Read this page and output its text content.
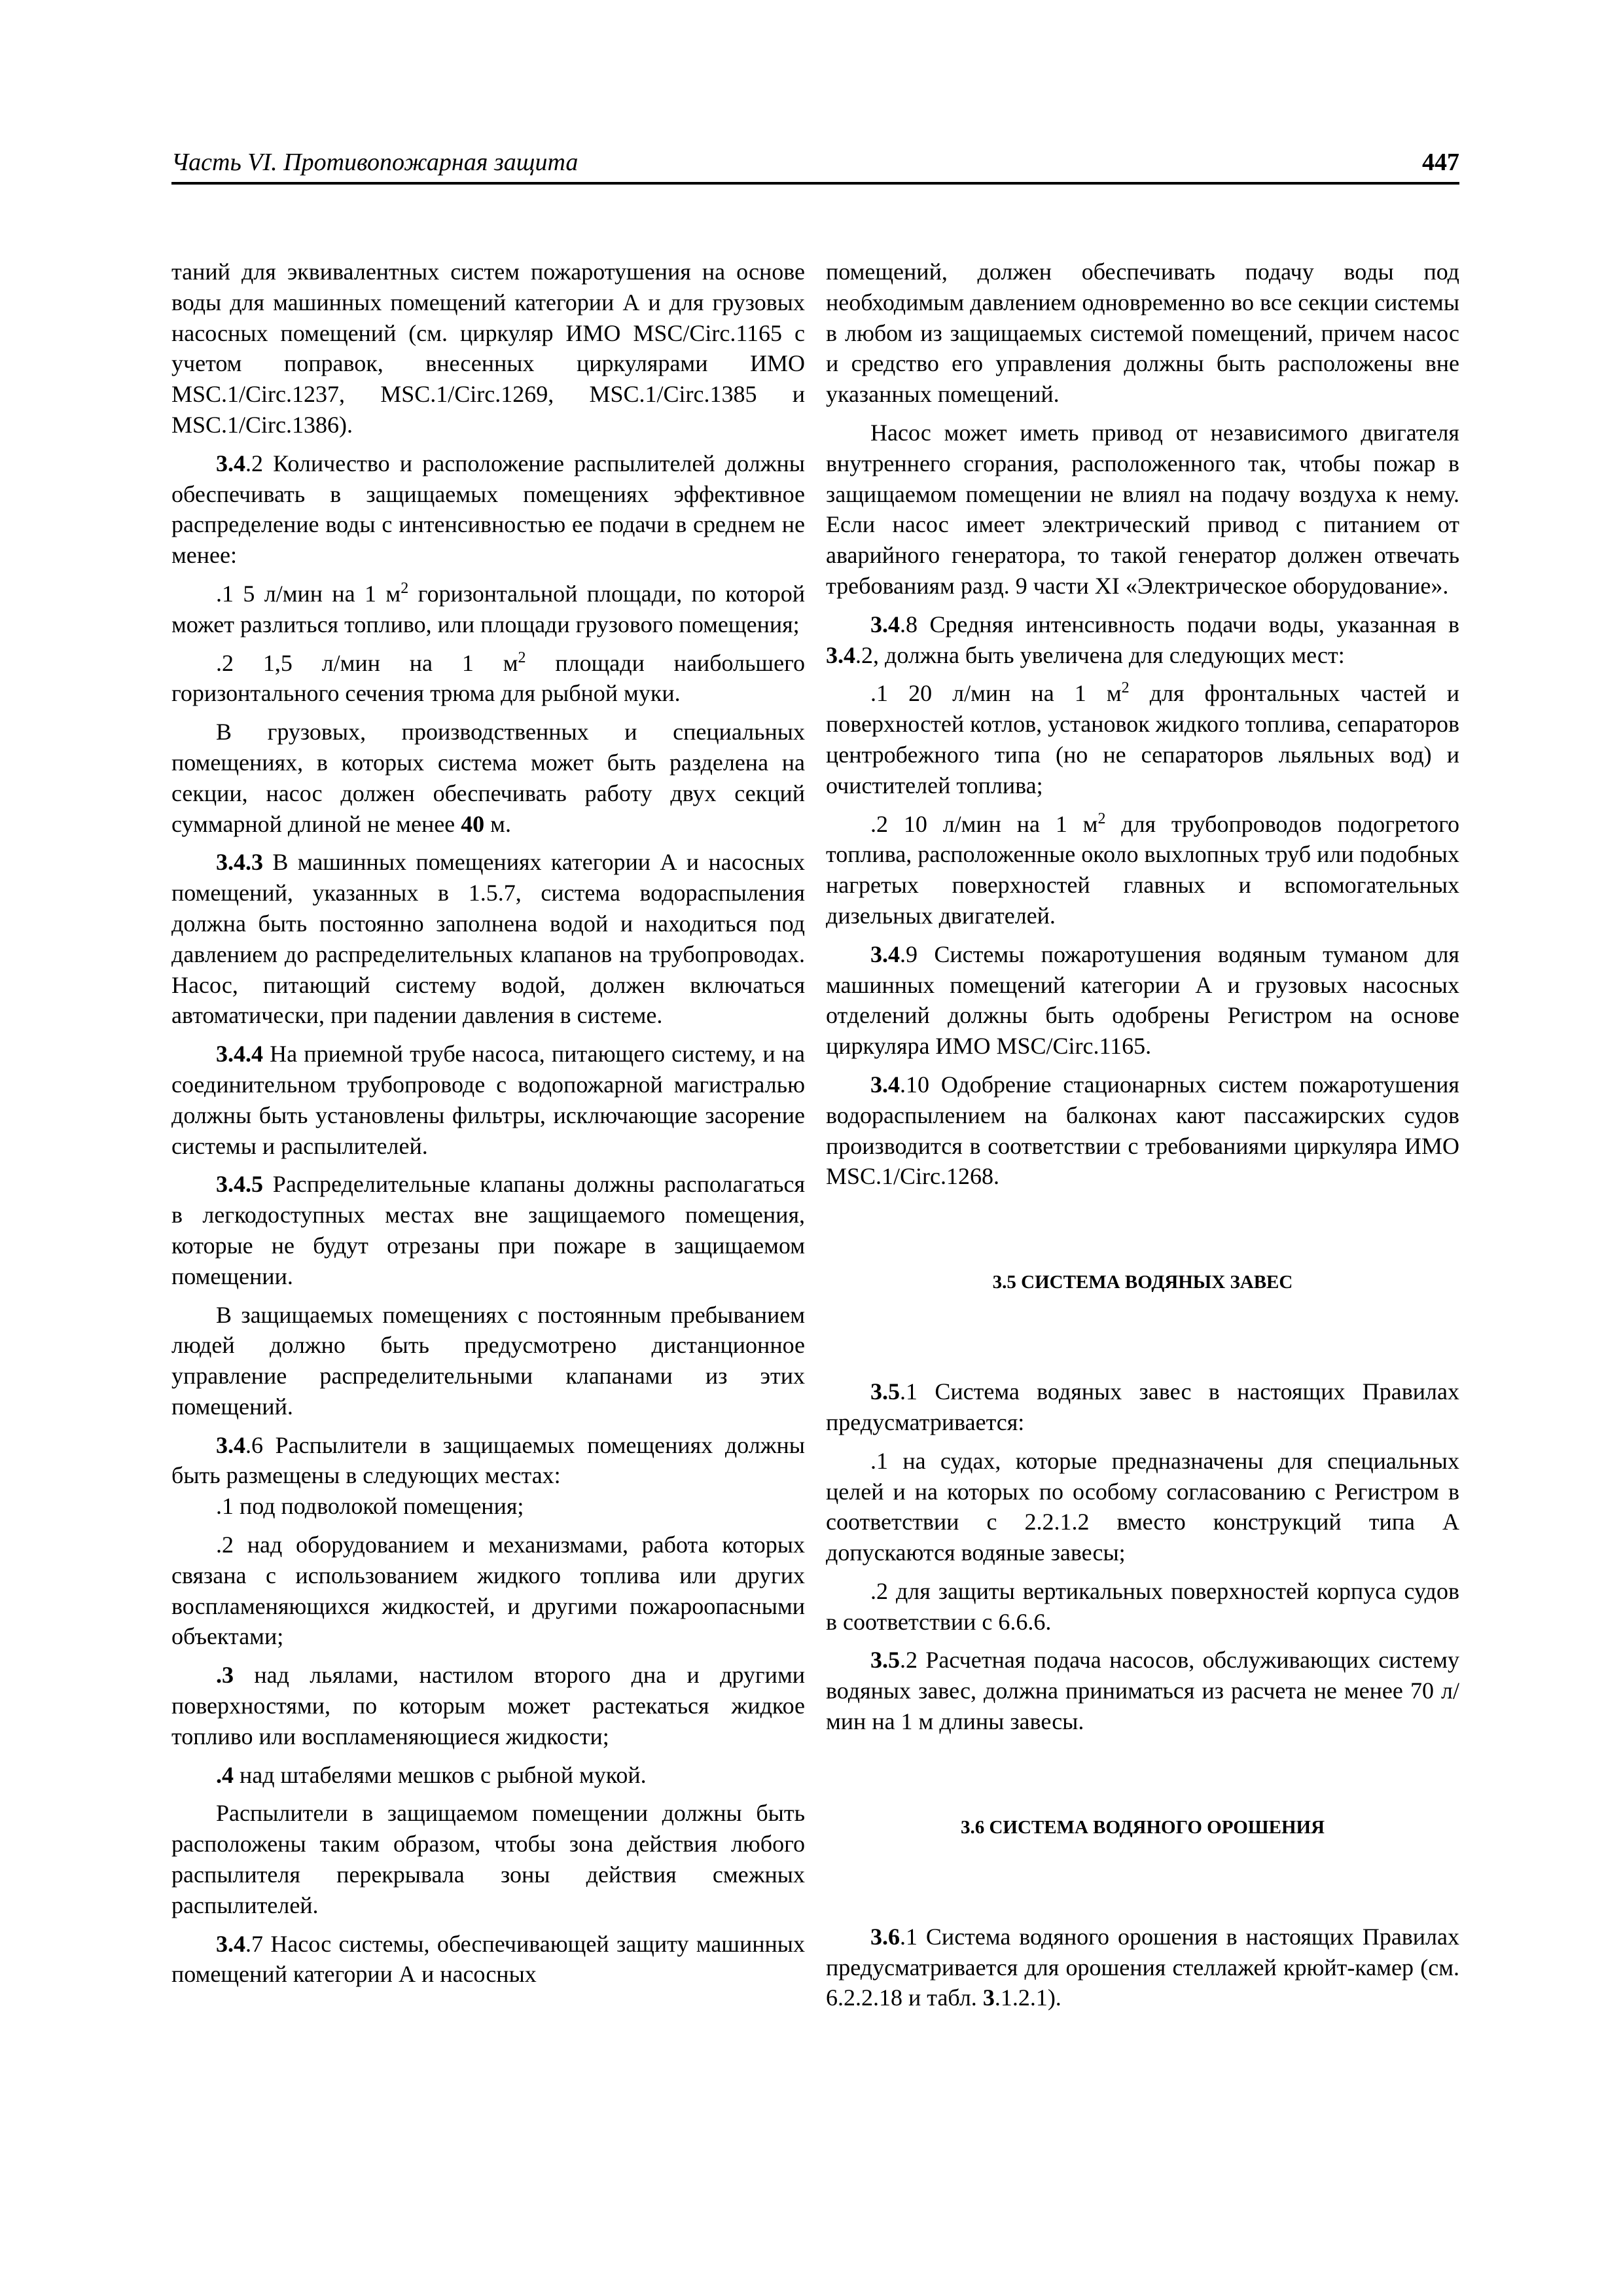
Часть VI. Противопожарная защита	447

таний для эквивалентных систем пожаротушения на основе воды для машинных помещений категории А и для грузовых насосных помещений (см. циркуляр ИМО MSC/Circ.1165 с учетом поправок, внесенных циркулярами ИМО MSC.1/Circ.1237, MSC.1/Circ.1269, MSC.1/Circ.1385 и MSC.1/Circ.1386).

3.4.2 Количество и расположение распылителей должны обеспечивать в защищаемых помещениях эффективное распределение воды с интенсивностью ее подачи в среднем не менее:

.1 5 л/мин на 1 $м^2$ горизонтальной площади, по которой может разлиться топливо, или площади грузового помещения;

.2 1,5 л/мин на 1 $м^2$ площади наибольшего горизонтального сечения трюма для рыбной муки.

В грузовых, производственных и специальных помещениях, в которых система может быть разделена на секции, насос должен обеспечивать работу двух секций суммарной длиной не менее 40 м.

3.4.3 В машинных помещениях категории А и насосных помещений, указанных в 1.5.7, система водораспыления должна быть постоянно заполнена водой и находиться под давлением до распределительных клапанов на трубопроводах. Насос, питающий систему водой, должен включаться автоматически, при падении давления в системе.

3.4.4 На приемной трубе насоса, питающего систему, и на соединительном трубопроводе с водопожарной магистралью должны быть установлены фильтры, исключающие засорение системы и распылителей.

3.4.5 Распределительные клапаны должны располагаться в легкодоступных местах вне защищаемого помещения, которые не будут отрезаны при пожаре в защищаемом помещении.

В защищаемых помещениях с постоянным пребыванием людей должно быть предусмотрено дистанционное управление распределительными клапанами из этих помещений.

3.4.6 Распылители в защищаемых помещениях должны быть размещены в следующих местах:

.1 под подволокой помещения;

.2 над оборудованием и механизмами, работа которых связана с использованием жидкого топлива или других воспламеняющихся жидкостей, и другими пожароопасными объектами;

.3 над льялами, настилом второго дна и другими поверхностями, по которым может растекаться жидкое топливо или воспламеняющиеся жидкости;

.4 над штабелями мешков с рыбной мукой.

Распылители в защищаемом помещении должны быть расположены таким образом, чтобы зона действия любого распылителя перекрывала зоны действия смежных распылителей.

3.4.7 Насос системы, обеспечивающей защиту машинных помещений категории А и насосных

помещений, должен обеспечивать подачу воды под необходимым давлением одновременно во все секции системы в любом из защищаемых системой помещений, причем насос и средство его управления должны быть расположены вне указанных помещений.

Насос может иметь привод от независимого двигателя внутреннего сгорания, расположенного так, чтобы пожар в защищаемом помещении не влиял на подачу воздуха к нему. Если насос имеет электрический привод с питанием от аварийного генератора, то такой генератор должен отвечать требованиям разд. 9 части XI «Электрическое оборудование».

3.4.8 Средняя интенсивность подачи воды, указанная в 3.4.2, должна быть увеличена для следующих мест:

.1 20 л/мин на 1 $м^2$ для фронтальных частей и поверхностей котлов, установок жидкого топлива, сепараторов центробежного типа (но не сепараторов льяльных вод) и очистителей топлива;

.2 10 л/мин на 1 $м^2$ для трубопроводов подогретого топлива, расположенные около выхлопных труб или подобных нагретых поверхностей главных и вспомогательных дизельных двигателей.

3.4.9 Системы пожаротушения водяным туманом для машинных помещений категории А и грузовых насосных отделений должны быть одобрены Регистром на основе циркуляра ИМО MSC/Circ.1165.

3.4.10 Одобрение стационарных систем пожаротушения водораспылением на балконах кают пассажирских судов производится в соответствии с требованиями циркуляра ИМО MSC.1/Circ.1268.

3.5 СИСТЕМА ВОДЯНЫХ ЗАВЕС

3.5.1 Система водяных завес в настоящих Правилах предусматривается:

.1 на судах, которые предназначены для специальных целей и на которых по особому согласованию с Регистром в соответствии с 2.2.1.2 вместо конструкций типа А допускаются водяные завесы;

.2 для защиты вертикальных поверхностей корпуса судов в соответствии с 6.6.6.

3.5.2 Расчетная подача насосов, обслуживающих систему водяных завес, должна приниматься из расчета не менее 70 л/мин на 1 м длины завесы.

3.6 СИСТЕМА ВОДЯНОГО ОРОШЕНИЯ

3.6.1 Система водяного орошения в настоящих Правилах предусматривается для орошения стеллажей крюйт-камер (см. 6.2.2.18 и табл. 3.1.2.1).
